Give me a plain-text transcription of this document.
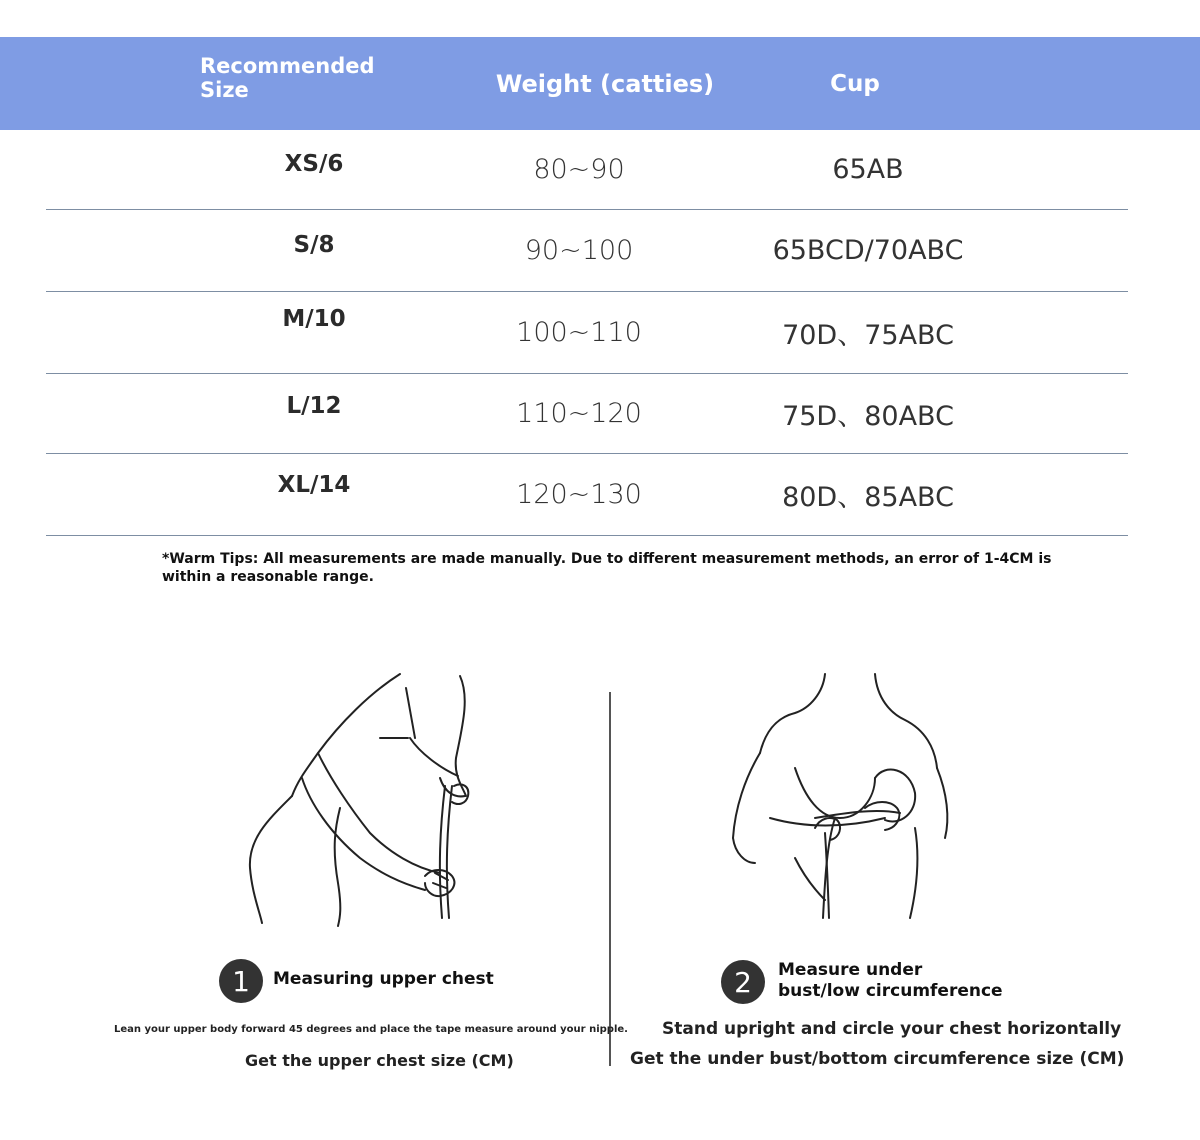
Recommended Size	Weight (catties)	Cup
XS/6	80~90	65AB
S/8	90~100	65BCD/70ABC
M/10	100~110	70D、75ABC
L/12	110~120	75D、80ABC
XL/14	120~130	80D、85ABC
*Warm Tips: All measurements are made manually. Due to different measurement methods, an error of 1-4CM is within a reasonable range.
1	Measuring upper chest
Lean your upper body forward 45 degrees and place the tape measure around your nipple.
Get the upper chest size (CM)
2	Measure under bust/low circumference
Stand upright and circle your chest horizontally
Get the under bust/bottom circumference size (CM)
